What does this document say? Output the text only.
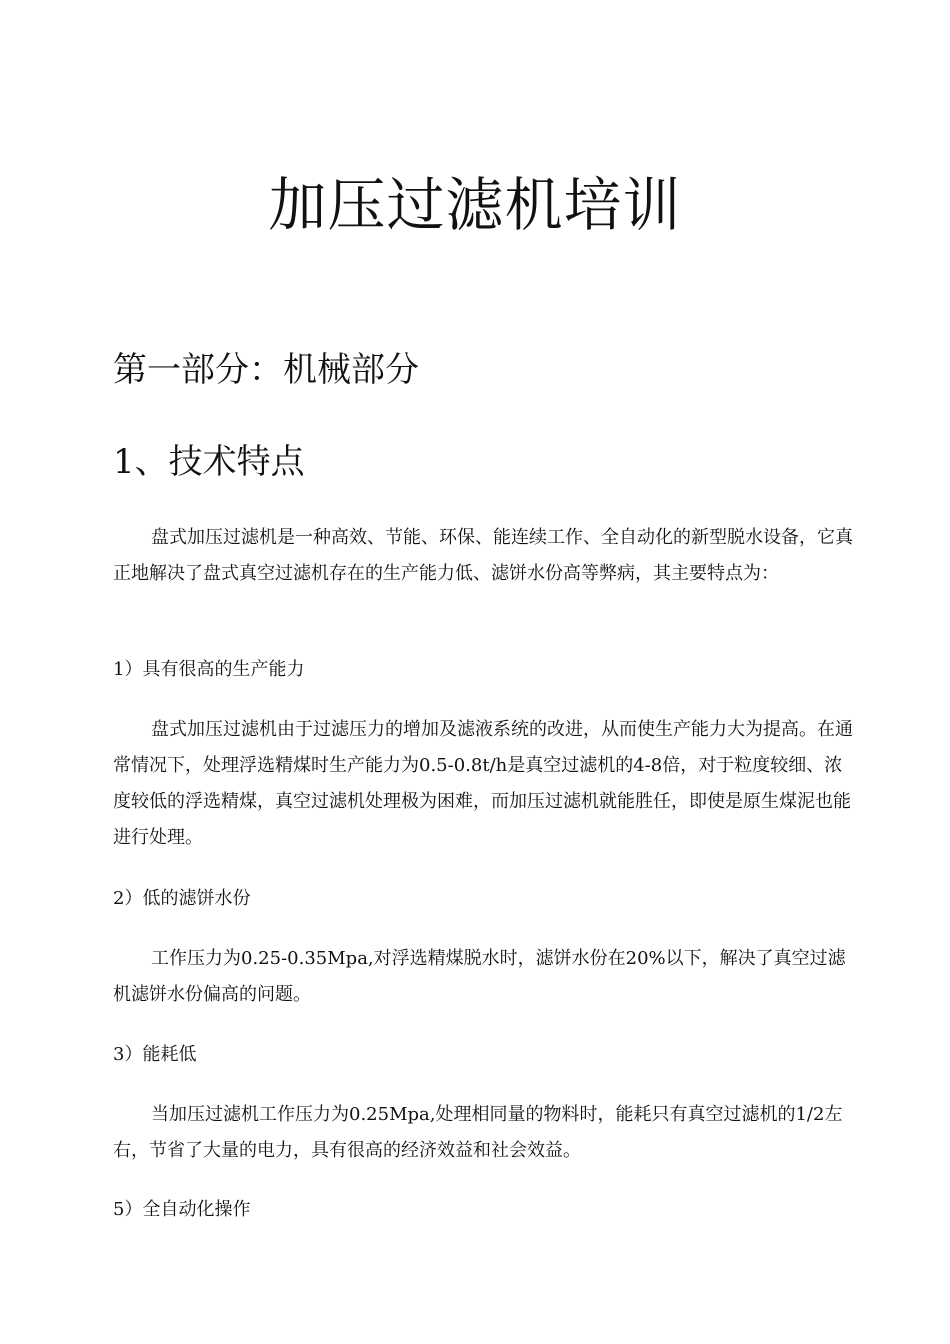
加压过滤机培训
第一部分：机械部分
1、技术特点

盘式加压过滤机是一种高效、节能、环保、能连续工作、全自动化的新型脱水设备，它真正地解决了盘式真空过滤机存在的生产能力低、滤饼水份高等弊病，其主要特点为：

1）具有很高的生产能力

盘式加压过滤机由于过滤压力的增加及滤液系统的改进，从而使生产能力大为提高。在通常情况下，处理浮选精煤时生产能力为0.5-0.8t/h是真空过滤机的4-8倍，对于粒度较细、浓度较低的浮选精煤，真空过滤机处理极为困难，而加压过滤机就能胜任，即使是原生煤泥也能进行处理。

2）低的滤饼水份

工作压力为0.25-0.35Mpa,对浮选精煤脱水时，滤饼水份在20%以下，解决了真空过滤机滤饼水份偏高的问题。

3）能耗低

当加压过滤机工作压力为0.25Mpa,处理相同量的物料时，能耗只有真空过滤机的1/2左右，节省了大量的电力，具有很高的经济效益和社会效益。

5）全自动化操作
